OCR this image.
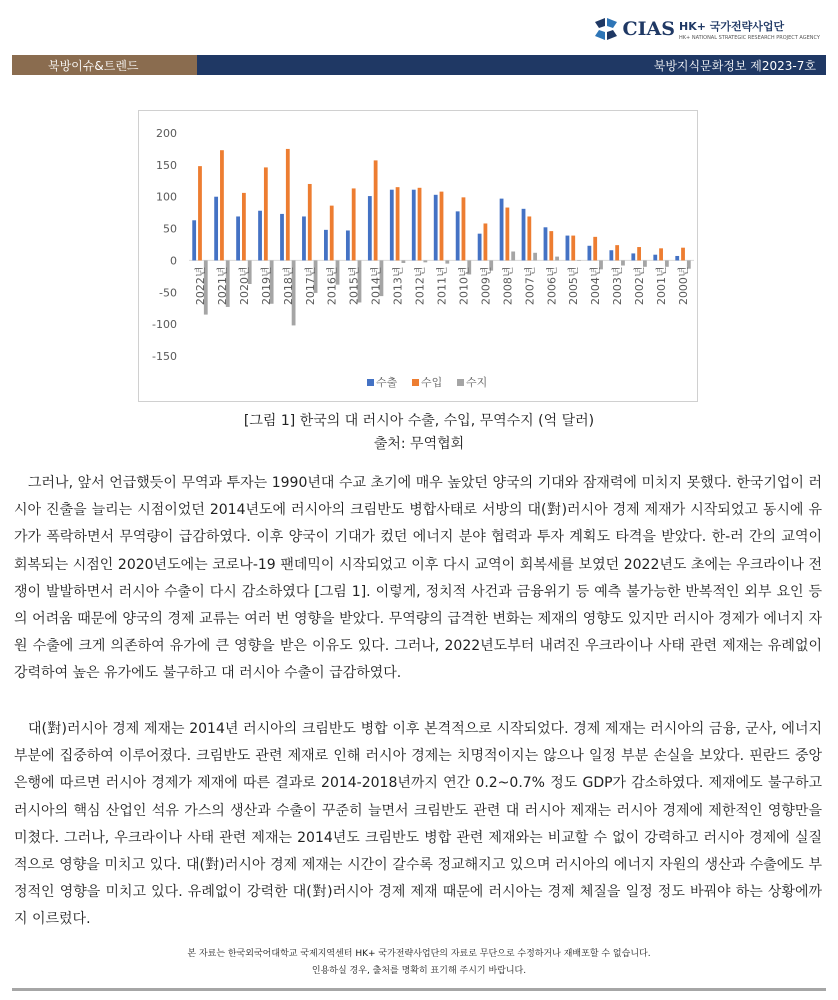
CIAS HK+ 국가전략사업단
HK+ NATIONAL STRATEGIC RESEARCH PROJECT AGENCY
북방이슈&트렌드	북방지식문화정보 제2023-7호
200
150
100
50
0
-50
-100
-150
2022년 2021년 2020년 2019년 2018년 2017년 2016년 2015년 2014년 2013년 2012년 2011년 2010년 2009년 2008년 2007년 2006년 2005년 2004년 2003년 2002년 2001년 2000년
수출 수입 수지
[그림 1] 한국의 대 러시아 수출, 수입, 무역수지 (억 달러)
출처: 무역협회

그러나, 앞서 언급했듯이 무역과 투자는 1990년대 수교 초기에 매우 높았던 양국의 기대와 잠재력에 미치지 못했다. 한국기업이 러시아 진출을 늘리는 시점이었던 2014년도에 러시아의 크림반도 병합사태로 서방의 대(對)러시아 경제 제재가 시작되었고 동시에 유가가 폭락하면서 무역량이 급감하였다. 이후 양국이 기대가 컸던 에너지 분야 협력과 투자 계획도 타격을 받았다. 한-러 간의 교역이 회복되는 시점인 2020년도에는 코로나-19 팬데믹이 시작되었고 이후 다시 교역이 회복세를 보였던 2022년도 초에는 우크라이나 전쟁이 발발하면서 러시아 수출이 다시 감소하였다 [그림 1]. 이렇게, 정치적 사건과 금융위기 등 예측 불가능한 반복적인 외부 요인 등의 어려움 때문에 양국의 경제 교류는 여러 번 영향을 받았다. 무역량의 급격한 변화는 제재의 영향도 있지만 러시아 경제가 에너지 자원 수출에 크게 의존하여 유가에 큰 영향을 받은 이유도 있다. 그러나, 2022년도부터 내려진 우크라이나 사태 관련 제재는 유례없이 강력하여 높은 유가에도 불구하고 대 러시아 수출이 급감하였다.

대(對)러시아 경제 제재는 2014년 러시아의 크림반도 병합 이후 본격적으로 시작되었다. 경제 제재는 러시아의 금융, 군사, 에너지 부분에 집중하여 이루어졌다. 크림반도 관련 제재로 인해 러시아 경제는 치명적이지는 않으나 일정 부분 손실을 보았다. 핀란드 중앙은행에 따르면 러시아 경제가 제재에 따른 결과로 2014-2018년까지 연간 0.2~0.7% 정도 GDP가 감소하였다. 제재에도 불구하고 러시아의 핵심 산업인 석유 가스의 생산과 수출이 꾸준히 늘면서 크림반도 관련 대 러시아 제재는 러시아 경제에 제한적인 영향만을 미쳤다. 그러나, 우크라이나 사태 관련 제재는 2014년도 크림반도 병합 관련 제재와는 비교할 수 없이 강력하고 러시아 경제에 실질적으로 영향을 미치고 있다. 대(對)러시아 경제 제재는 시간이 갈수록 정교해지고 있으며 러시아의 에너지 자원의 생산과 수출에도 부정적인 영향을 미치고 있다. 유례없이 강력한 대(對)러시아 경제 제재 때문에 러시아는 경제 체질을 일정 정도 바꿔야 하는 상황에까지 이르렀다.

본 자료는 한국외국어대학교 국제지역센터 HK+ 국가전략사업단의 자료로 무단으로 수정하거나 재배포할 수 없습니다.
인용하실 경우, 출처를 명확히 표기해 주시기 바랍니다.
